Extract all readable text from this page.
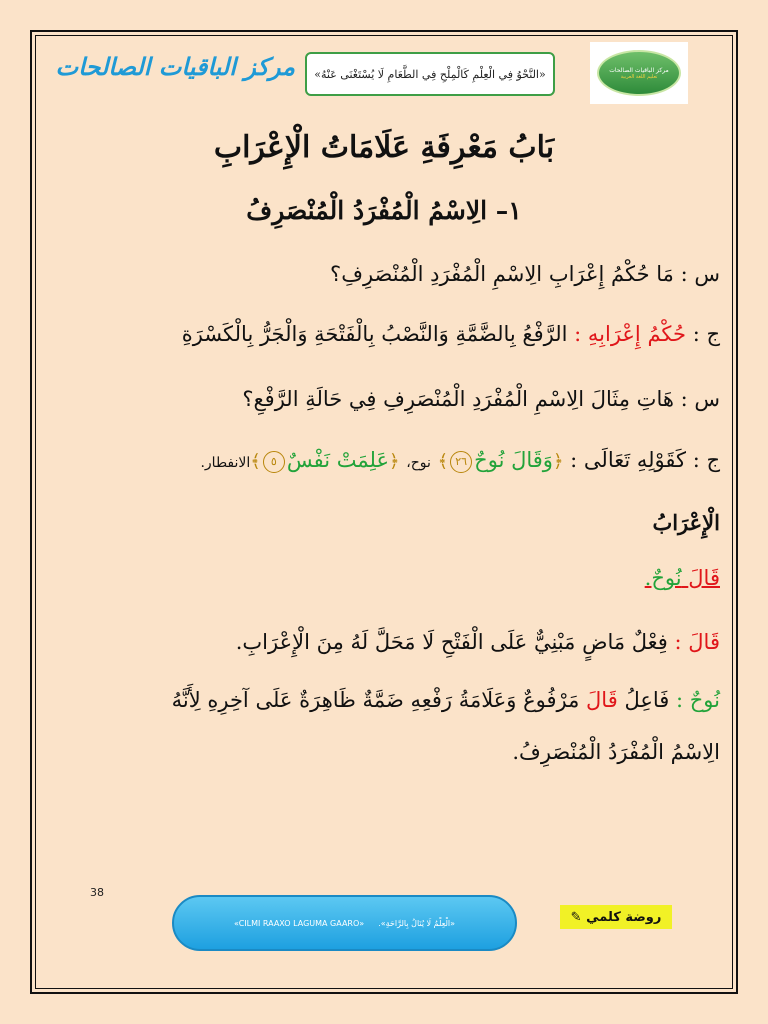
مركز الباقيات الصالحات
تعليم اللغة العربية
«النَّحْوُ فِي الْعِلْمِ كَالْمِلْحِ فِي الطَّعَامِ لَا يُسْتَغْنَى عَنْهُ»
مركز الباقيات الصالحات
بَابُ مَعْرِفَةِ عَلَامَاتُ الْإِعْرَابِ
١– الِاسْمُ الْمُفْرَدُ الْمُنْصَرِفُ
س : مَا حُكْمُ إِعْرَابِ الِاسْمِ الْمُفْرَدِ الْمُنْصَرِفِ؟
ج : حُكْمُ إِعْرَابِهِ : الرَّفْعُ بِالضَّمَّةِ وَالنَّصْبُ بِالْفَتْحَةِ وَالْجَرُّ بِالْكَسْرَةِ
س : هَاتِ مِثَالَ الِاسْمِ الْمُفْرَدِ الْمُنْصَرِفِ فِي حَالَةِ الرَّفْعِ؟
ج : كَقَوْلِهِ تَعَالَى : ﴿وَقَالَ نُوحٌ٢٦﴾ نوح، ﴿عَلِمَتْ نَفْسٌ٥﴾الانفطار.
الْإِعْرَابُ
قَالَ نُوحٌ.
قَالَ : فِعْلٌ مَاضٍ مَبْنِيٌّ عَلَى الْفَتْحِ لَا مَحَلَّ لَهُ مِنَ الْإِعْرَابِ.
نُوحٌ : فَاعِلُ قَالَ مَرْفُوعٌ وَعَلَامَةُ رَفْعِهِ ضَمَّةٌ ظَاهِرَةٌ عَلَى آخِرِهِ لِأَنَّهُ
الِاسْمُ الْمُفْرَدُ الْمُنْصَرِفُ.
38
«CILMI RAAXO LAGUMA GAARO» «الْعِلْمُ لَا يُنَالُ بِالرَّاحَةِ».	روضة كلمي
✎
